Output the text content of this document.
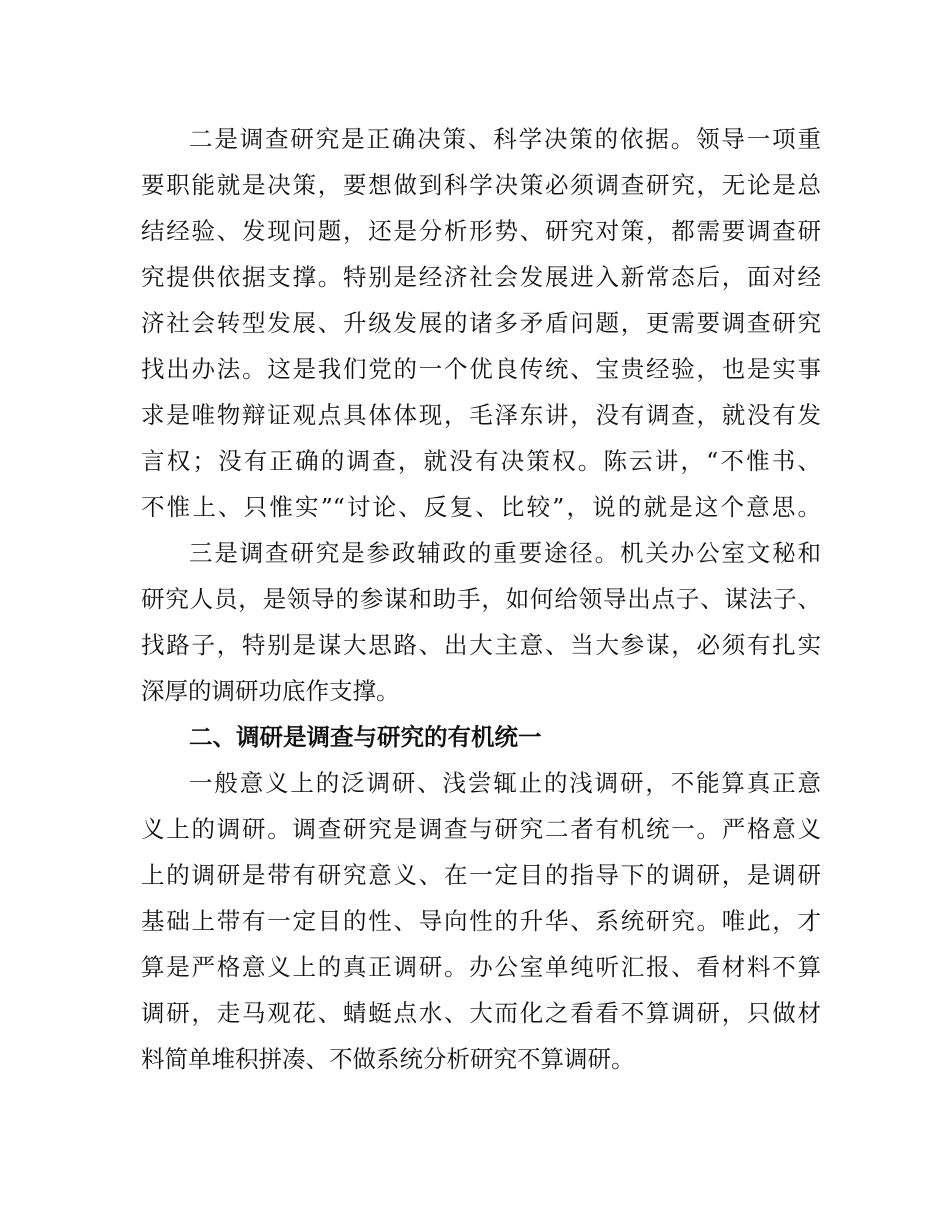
二是调查研究是正确决策、科学决策的依据。领导一项重
要职能就是决策，要想做到科学决策必须调查研究，无论是总
结经验、发现问题，还是分析形势、研究对策，都需要调查研
究提供依据支撑。特别是经济社会发展进入新常态后，面对经
济社会转型发展、升级发展的诸多矛盾问题，更需要调查研究
找出办法。这是我们党的一个优良传统、宝贵经验，也是实事
求是唯物辩证观点具体体现，毛泽东讲，没有调查，就没有发
言权；没有正确的调查，就没有决策权。陈云讲，“不惟书、
不惟上、只惟实”“讨论、反复、比较”，说的就是这个意思。
三是调查研究是参政辅政的重要途径。机关办公室文秘和
研究人员，是领导的参谋和助手，如何给领导出点子、谋法子、
找路子，特别是谋大思路、出大主意、当大参谋，必须有扎实
深厚的调研功底作支撑。
二、调研是调查与研究的有机统一
一般意义上的泛调研、浅尝辄止的浅调研，不能算真正意
义上的调研。调查研究是调查与研究二者有机统一。严格意义
上的调研是带有研究意义、在一定目的指导下的调研，是调研
基础上带有一定目的性、导向性的升华、系统研究。唯此，才
算是严格意义上的真正调研。办公室单纯听汇报、看材料不算
调研，走马观花、蜻蜓点水、大而化之看看不算调研，只做材
料简单堆积拼凑、不做系统分析研究不算调研。
